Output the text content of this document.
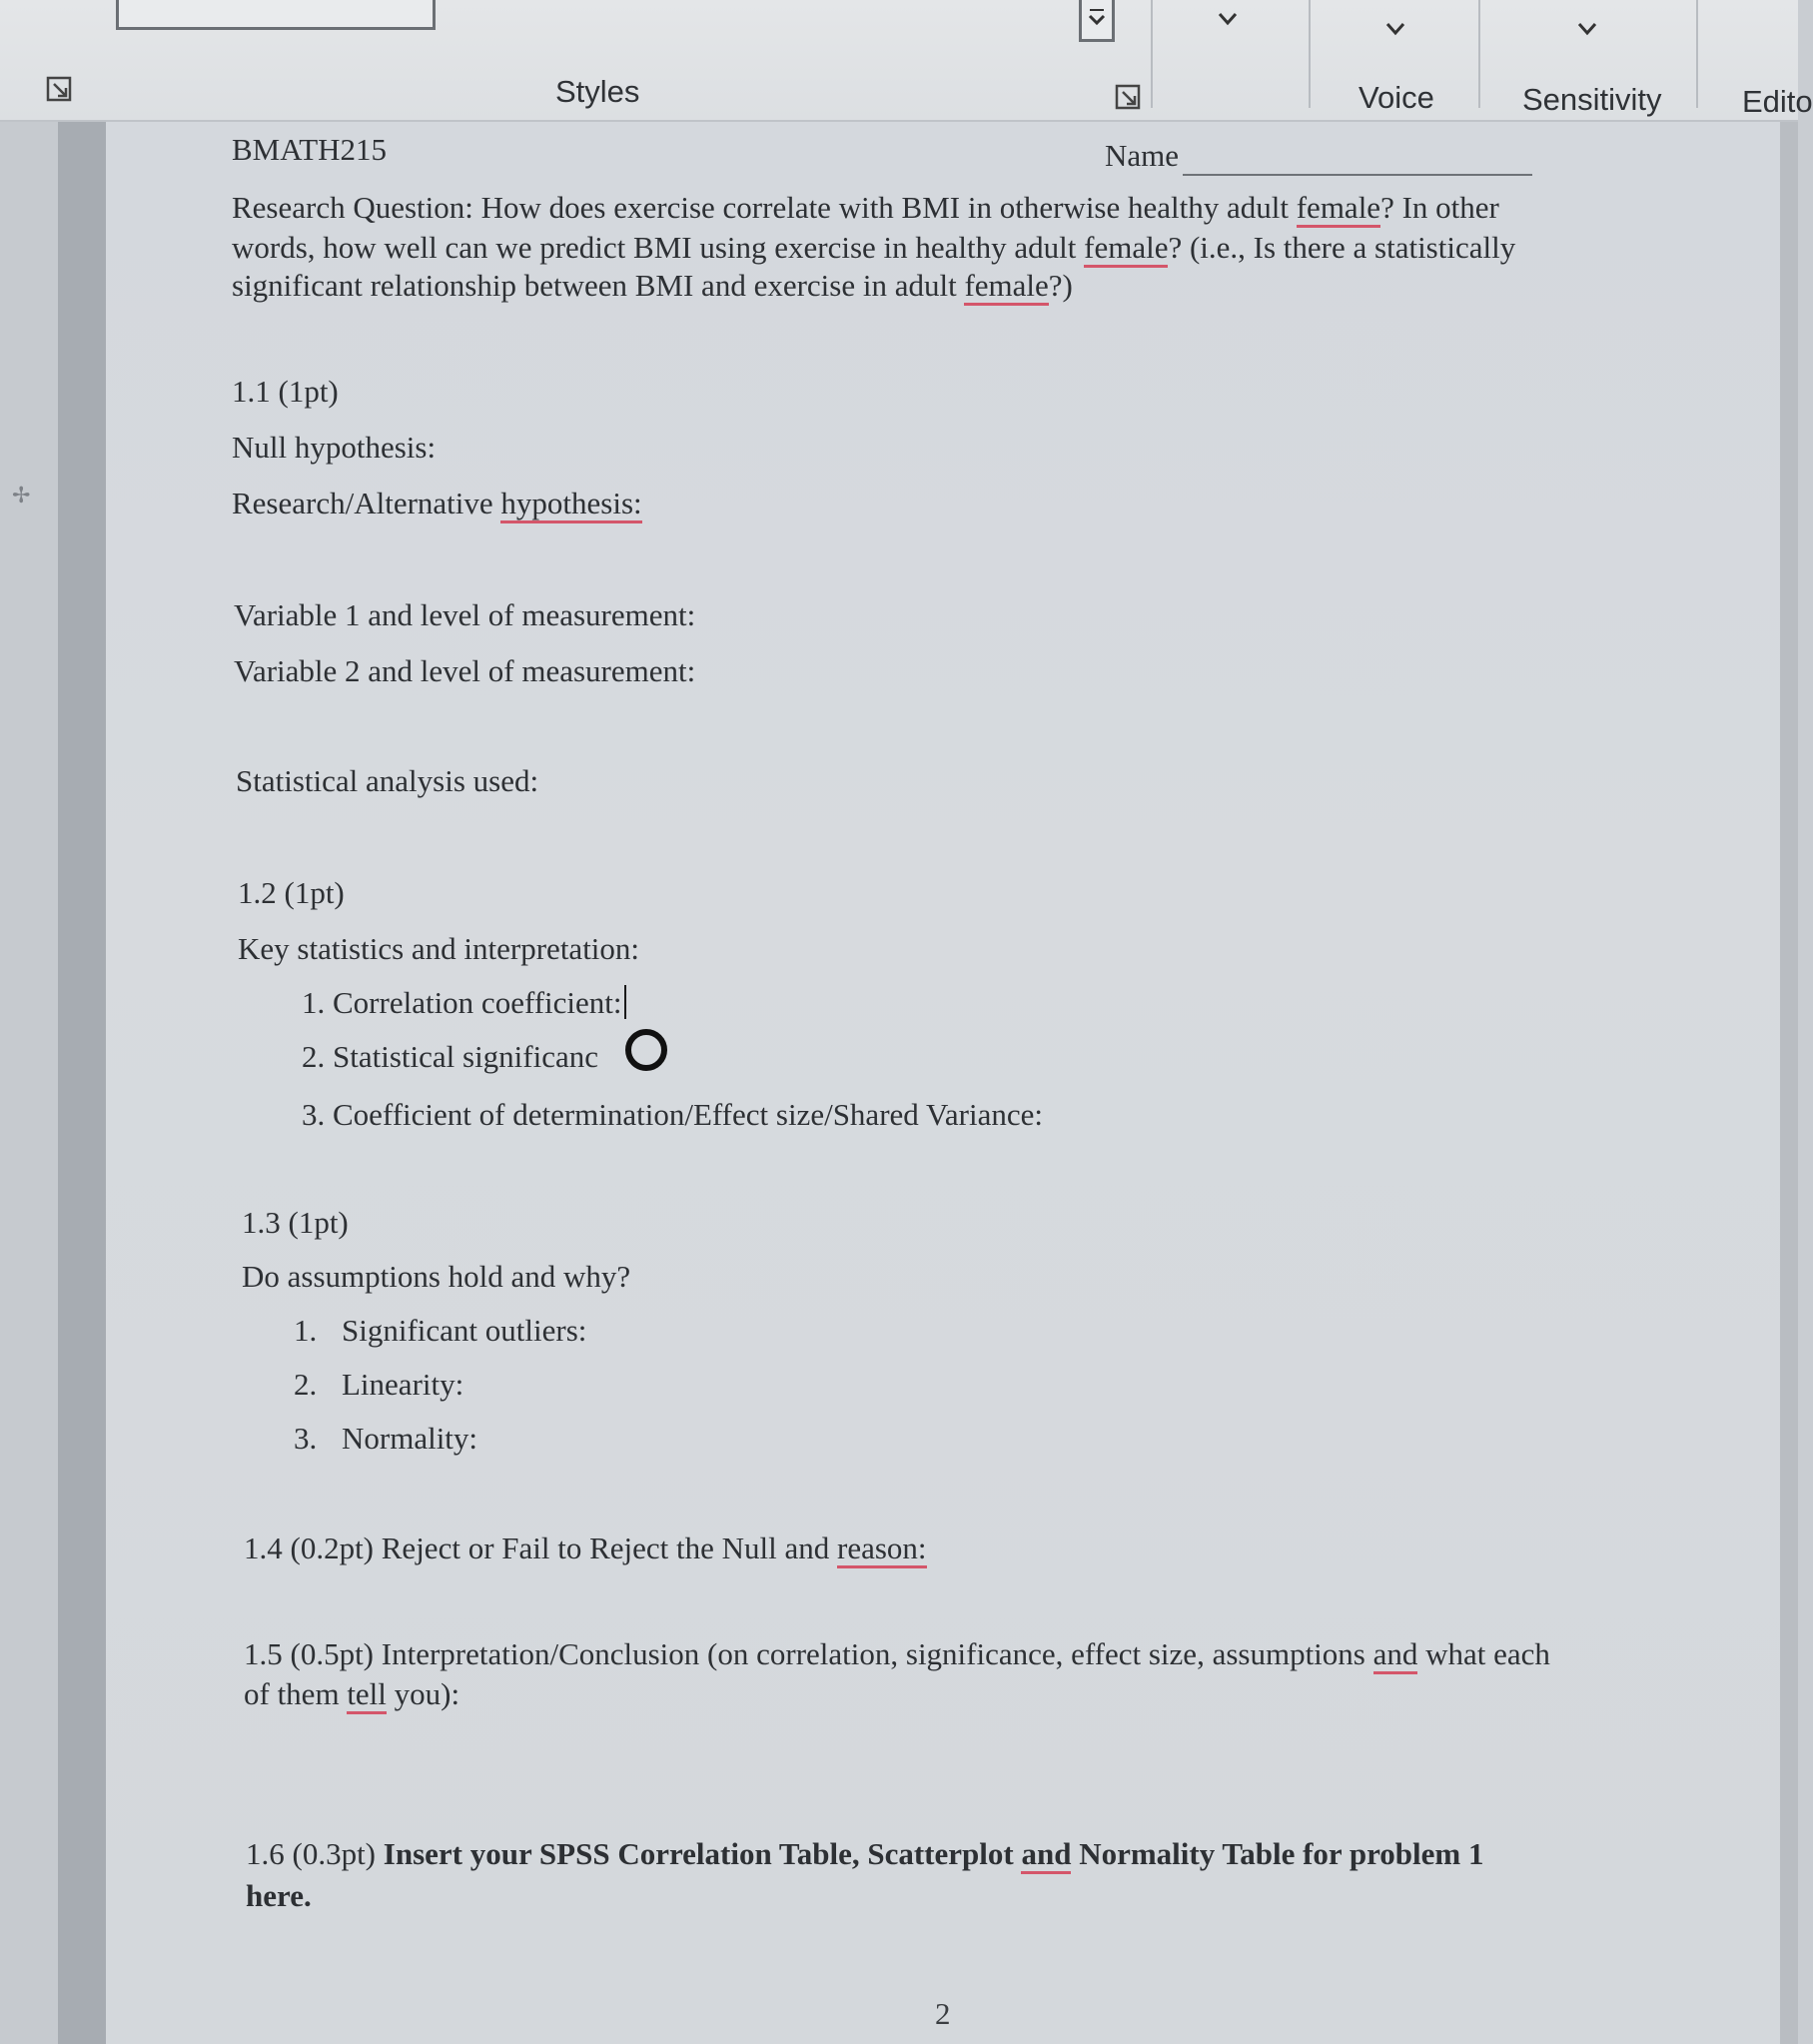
Styles	Voice	Sensitivity	Edito
✢
BMATH215	Name
Research Question: How does exercise correlate with BMI in otherwise healthy adult female? In other
words, how well can we predict BMI using exercise in healthy adult female? (i.e., Is there a statistically
significant relationship between BMI and exercise in adult female?)
1.1 (1pt)
Null hypothesis:
Research/Alternative hypothesis:
Variable 1 and level of measurement:
Variable 2 and level of measurement:
Statistical analysis used:
1.2 (1pt)
Key statistics and interpretation:
1. Correlation coefficient:
2. Statistical significanc
3. Coefficient of determination/Effect size/Shared Variance:
1.3 (1pt)
Do assumptions hold and why?
1. Significant outliers:
2. Linearity:
3. Normality:
1.4 (0.2pt) Reject or Fail to Reject the Null and reason:
1.5 (0.5pt) Interpretation/Conclusion (on correlation, significance, effect size, assumptions and what each
of them tell you):
1.6 (0.3pt) Insert your SPSS Correlation Table, Scatterplot and Normality Table for problem 1
here.
2
